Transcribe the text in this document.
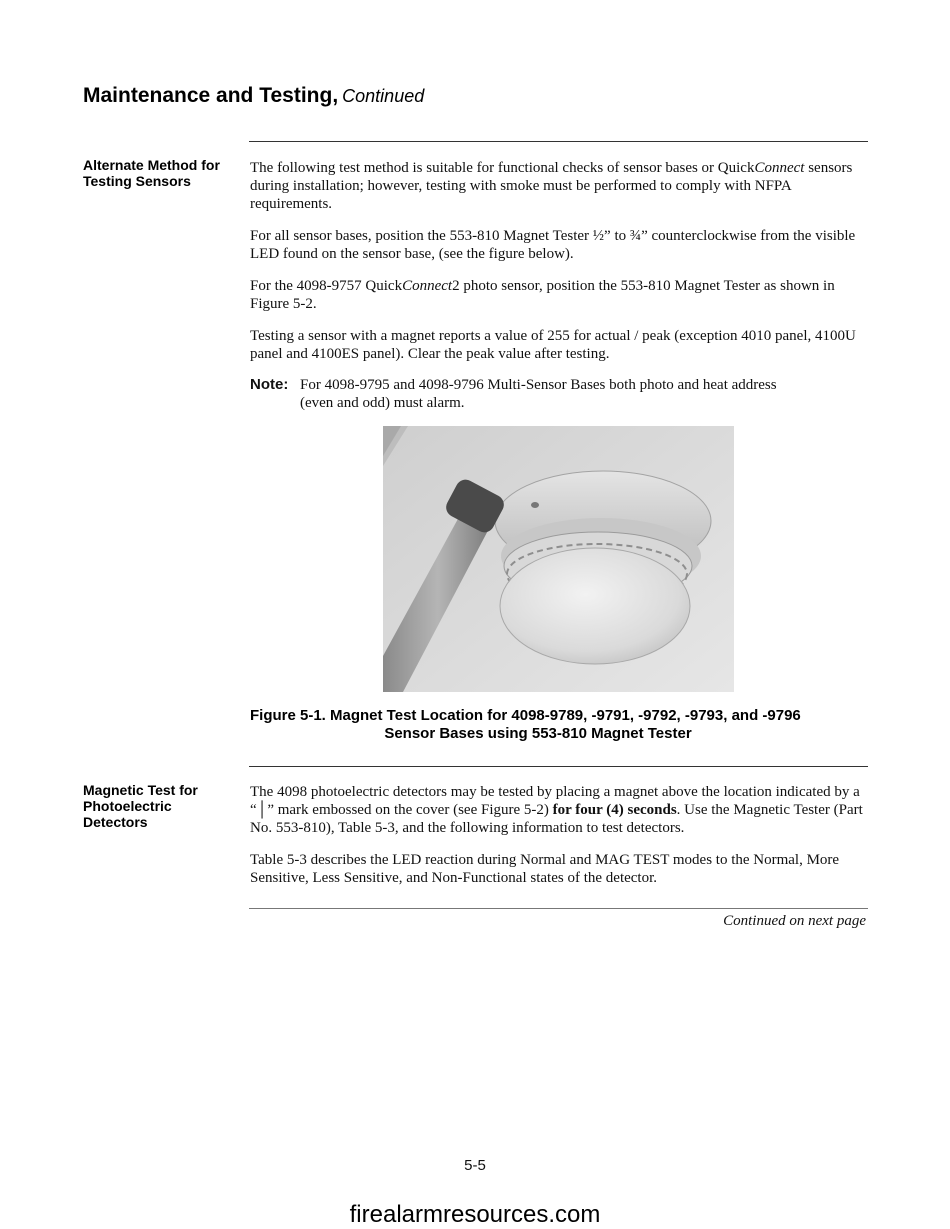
Maintenance and Testing, Continued
Alternate Method for Testing Sensors

The following test method is suitable for functional checks of sensor bases or QuickConnect sensors during installation; however, testing with smoke must be performed to comply with NFPA requirements.

For all sensor bases, position the 553-810 Magnet Tester ½” to ¾” counterclockwise from the visible LED found on the sensor base, (see the figure below).

For the 4098-9757 QuickConnect2 photo sensor, position the 553-810 Magnet Tester as shown in Figure 5-2.

Testing a sensor with a magnet reports a value of 255 for actual / peak (exception 4010 panel, 4100U panel and 4100ES panel). Clear the peak value after testing.

Note: For 4098-9795 and 4098-9796 Multi-Sensor Bases both photo and heat address
(even and odd) must alarm.
Figure 5-1. Magnet Test Location for 4098-9789, -9791, -9792, -9793, and -9796
Sensor Bases using 553-810 Magnet Tester
Magnetic Test for Photoelectric Detectors

The 4098 photoelectric detectors may be tested by placing a magnet above the location indicated by a “│” mark embossed on the cover (see Figure 5-2) for four (4) seconds. Use the Magnetic Tester (Part No. 553-810), Table 5-3, and the following information to test detectors.

Table 5-3 describes the LED reaction during Normal and MAG TEST modes to the Normal, More Sensitive, Less Sensitive, and Non-Functional states of the detector.

Continued on next page
5-5
firealarmresources.com
